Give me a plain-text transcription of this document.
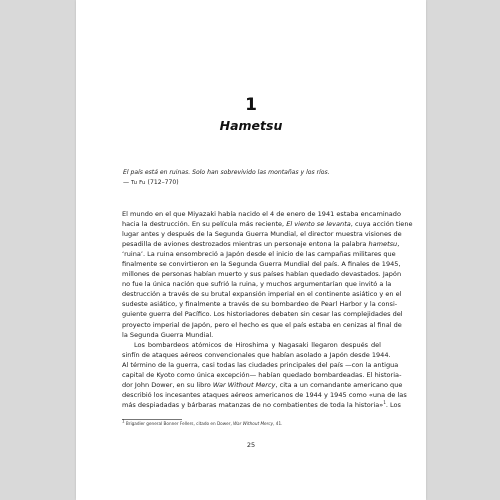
1
Hametsu
El país está en ruinas. Solo han sobrevivido las montañas y los ríos.
— Tu Fu (712–770)
El mundo en el que Miyazaki había nacido el 4 de enero de 1941 estaba encaminado
hacia la destrucción. En su película más reciente, El viento se levanta, cuya acción tiene
lugar antes y después de la Segunda Guerra Mundial, el director muestra visiones de
pesadilla de aviones destrozados mientras un personaje entona la palabra hametsu,
‘ruina’. La ruina ensombreció a Japón desde el inicio de las campañas militares que
finalmente se convirtieron en la Segunda Guerra Mundial del país. A finales de 1945,
millones de personas habían muerto y sus países habían quedado devastados. Japón
no fue la única nación que sufrió la ruina, y muchos argumentarían que invitó a la
destrucción a través de su brutal expansión imperial en el continente asiático y en el
sudeste asiático, y finalmente a través de su bombardeo de Pearl Harbor y la consi-
guiente guerra del Pacífico. Los historiadores debaten sin cesar las complejidades del
proyecto imperial de Japón, pero el hecho es que el país estaba en cenizas al final de
la Segunda Guerra Mundial.
Los bombardeos atómicos de Hiroshima y Nagasaki llegaron después del
sinfín de ataques aéreos convencionales que habían asolado a Japón desde 1944.
Al término de la guerra, casi todas las ciudades principales del país —con la antigua
capital de Kyoto como única excepción— habían quedado bombardeadas. El historia-
dor John Dower, en su libro War Without Mercy, cita a un comandante americano que
describió los incesantes ataques aéreos americanos de 1944 y 1945 como «una de las
más despiadadas y bárbaras matanzas de no combatientes de toda la historia»$^1$. Los
$^1$ Brigadier general Bonner Fellers, citado en Dower, War Without Mercy, 41.
25
